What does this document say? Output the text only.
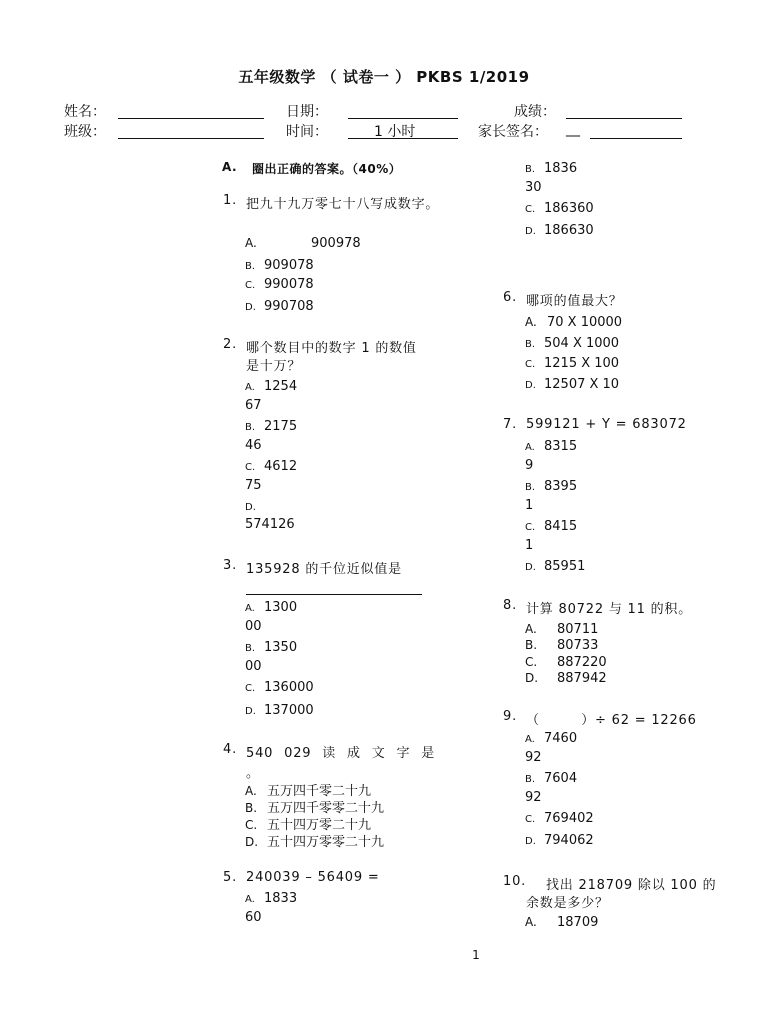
五年级数学 （ 试卷一 ） PKBS 1/2019
姓名：	日期：	成绩：
班级：	时间：	1 小时	家长签名： __
A. 圈出正确的答案。（40%）
1. 把九十九万零七十八写成数字。
A.	900978
B. 909078
C. 990078
D. 990708
2. 哪个数目中的数字 1 的数值
是十万？
A. 1254
67
B. 2175
46
C. 4612
75
D.
574126
3. 135928 的千位近似值是
A. 1300
00
B. 1350
00
C. 136000
D. 137000
4. 540 029 读 成 文 字 是
。
A. 五万四千零二十九
B. 五万四千零零二十九
C. 五十四万零二十九
D. 五十四万零零二十九
5. 240039 – 56409 =
A. 1833
60
B. 1836
30
C. 186360
D. 186630
6. 哪项的值最大？
A. 70 X 10000
B. 504 X 1000
C. 1215 X 100
D. 12507 X 10
7. 599121 + Y = 683072
A. 8315
9
B. 8395
1
C. 8415
1
D. 85951
8. 计算 80722 与 11 的积。
A. 80711
B. 80733
C. 887220
D. 887942
9. （　　　）÷ 62 = 12266
A. 7460
92
B. 7604
92
C. 769402
D. 794062
10. 找出 218709 除以 100 的
余数是多少？
A. 18709
1
